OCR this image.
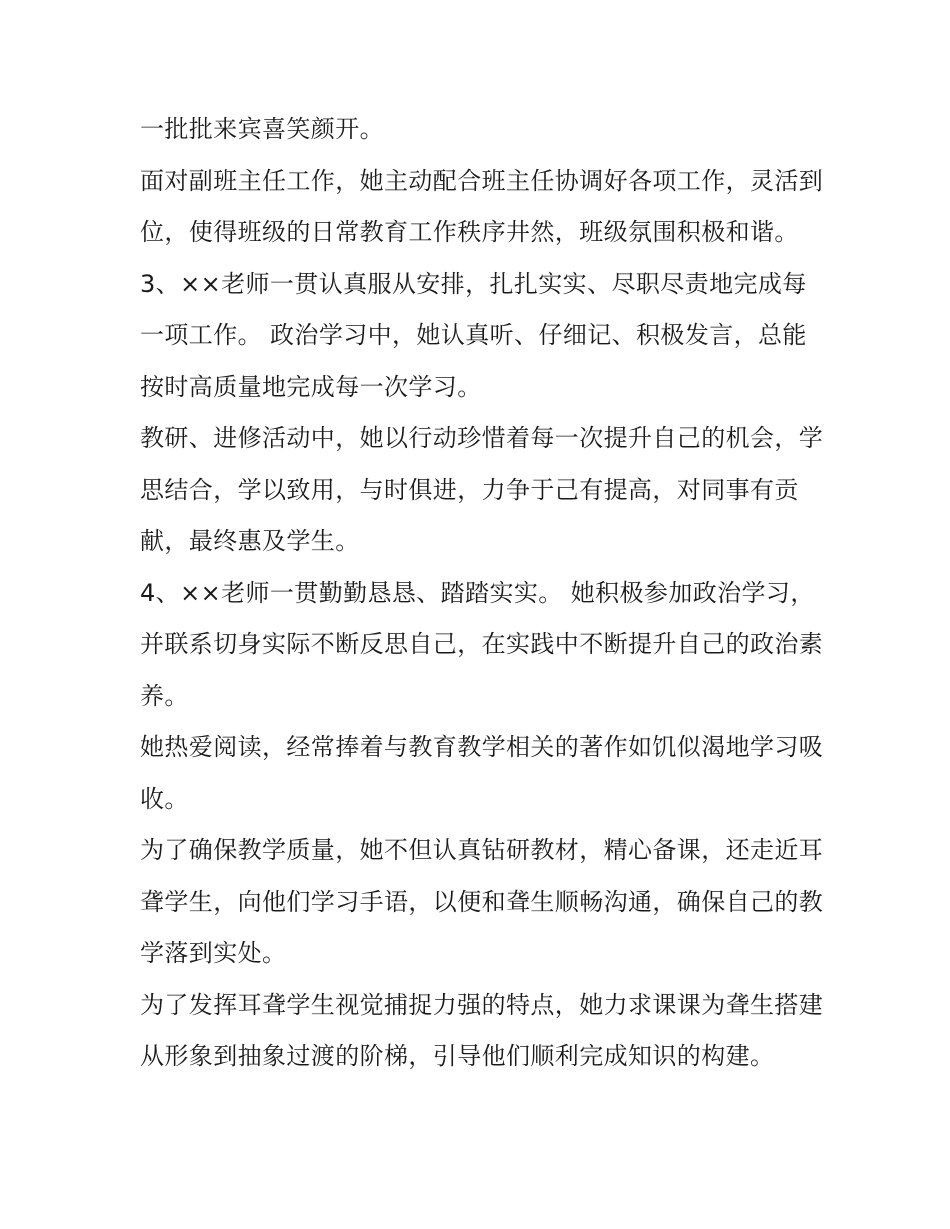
一批批来宾喜笑颜开。

面对副班主任工作，她主动配合班主任协调好各项工作，灵活到位，使得班级的日常教育工作秩序井然，班级氛围积极和谐。

3、××老师一贯认真服从安排，扎扎实实、尽职尽责地完成每一项工作。 政治学习中，她认真听、仔细记、积极发言，总能按时高质量地完成每一次学习。

教研、进修活动中，她以行动珍惜着每一次提升自己的机会，学思结合，学以致用，与时俱进，力争于己有提高，对同事有贡献，最终惠及学生。

4、××老师一贯勤勤恳恳、踏踏实实。 她积极参加政治学习，并联系切身实际不断反思自己，在实践中不断提升自己的政治素养。

她热爱阅读，经常捧着与教育教学相关的著作如饥似渴地学习吸收。

为了确保教学质量，她不但认真钻研教材，精心备课，还走近耳聋学生，向他们学习手语，以便和聋生顺畅沟通，确保自己的教学落到实处。

为了发挥耳聋学生视觉捕捉力强的特点，她力求课课为聋生搭建从形象到抽象过渡的阶梯，引导他们顺利完成知识的构建。
